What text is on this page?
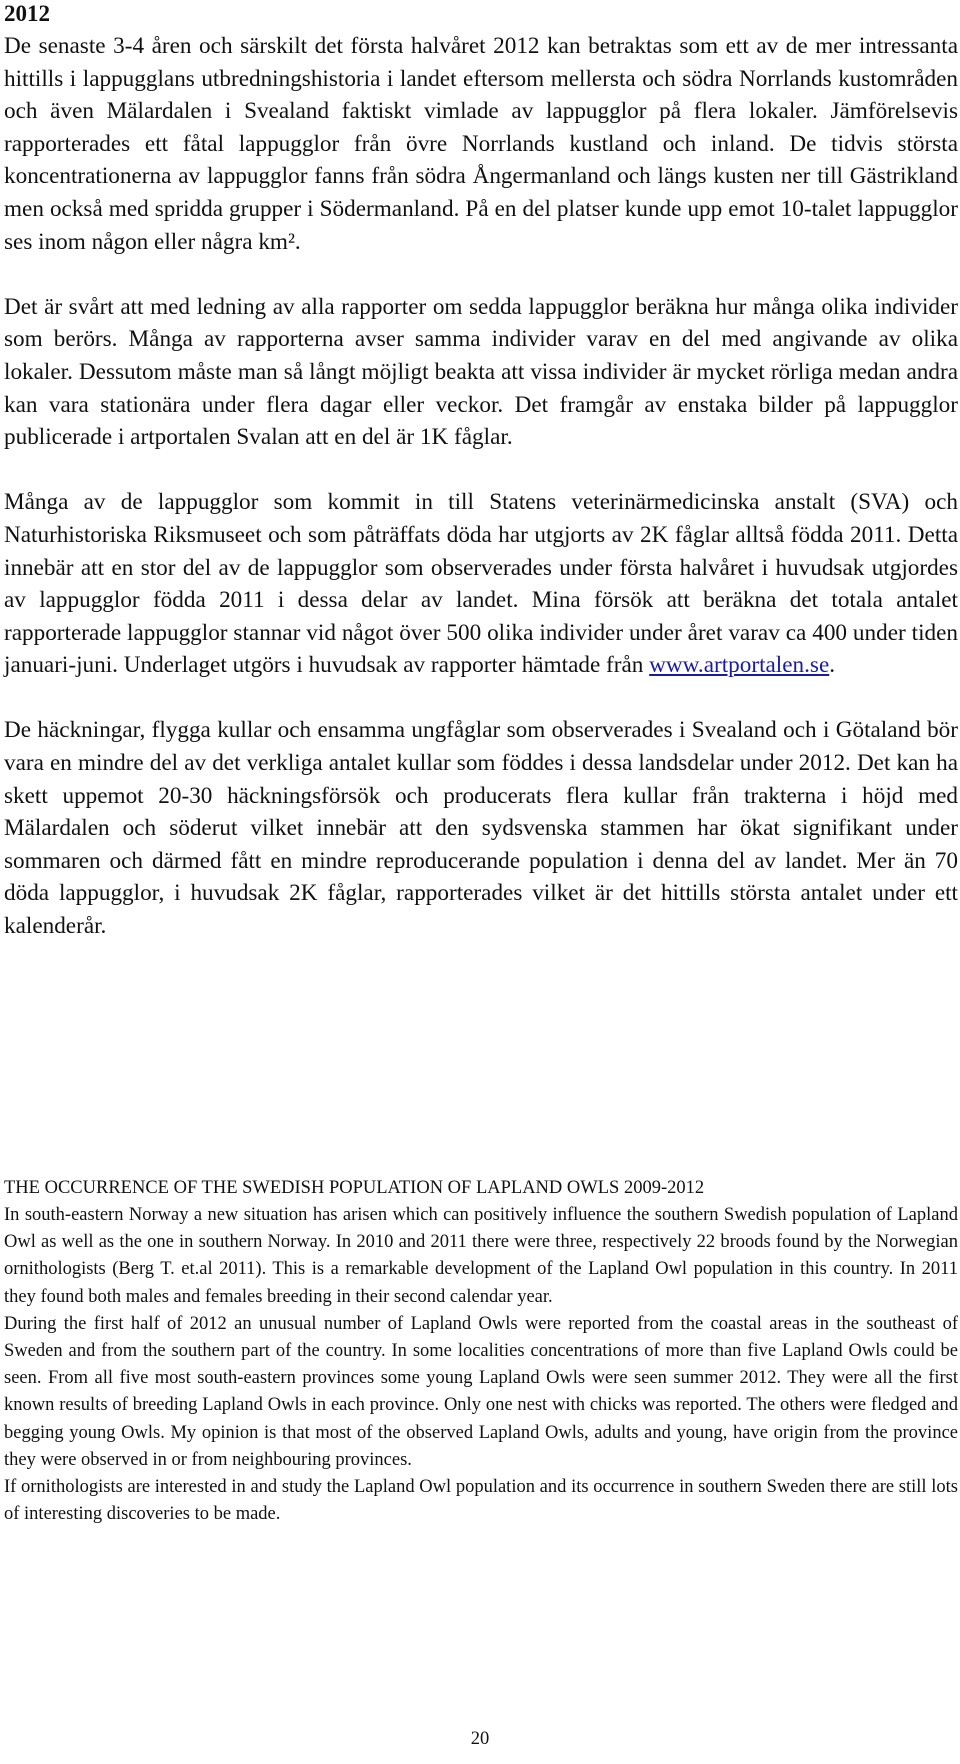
2012

De senaste 3-4 åren och särskilt det första halvåret 2012 kan betraktas som ett av de mer intressanta hittills i lappugglans utbredningshistoria i landet eftersom mellersta och södra Norrlands kustområden och även Mälardalen i Svealand faktiskt vimlade av lappugglor på flera lokaler. Jämförelsevis rapporterades ett fåtal lappugglor från övre Norrlands kustland och inland. De tidvis största koncentrationerna av lappugglor fanns från södra Ångermanland och längs kusten ner till Gästrikland men också med spridda grupper i Södermanland. På en del platser kunde upp emot 10-talet lappugglor ses inom någon eller några km².

Det är svårt att med ledning av alla rapporter om sedda lappugglor beräkna hur många olika individer som berörs. Många av rapporterna avser samma individer varav en del med angivande av olika lokaler. Dessutom måste man så långt möjligt beakta att vissa individer är mycket rörliga medan andra kan vara stationära under flera dagar eller veckor. Det framgår av enstaka bilder på lappugglor publicerade i artportalen Svalan att en del är 1K fåglar.

Många av de lappugglor som kommit in till Statens veterinärmedicinska anstalt (SVA) och Naturhistoriska Riksmuseet och som påträffats döda har utgjorts av 2K fåglar alltså födda 2011. Detta innebär att en stor del av de lappugglor som observerades under första halvåret i huvudsak utgjordes av lappugglor födda 2011 i dessa delar av landet. Mina försök att beräkna det totala antalet rapporterade lappugglor stannar vid något över 500 olika individer under året varav ca 400 under tiden januari-juni. Underlaget utgörs i huvudsak av rapporter hämtade från www.artportalen.se.

De häckningar, flygga kullar och ensamma ungfåglar som observerades i Svealand och i Götaland bör vara en mindre del av det verkliga antalet kullar som föddes i dessa landsdelar under 2012. Det kan ha skett uppemot 20-30 häckningsförsök och producerats flera kullar från trakterna i höjd med Mälardalen och söderut vilket innebär att den sydsvenska stammen har ökat signifikant under sommaren och därmed fått en mindre reproducerande population i denna del av landet. Mer än 70 döda lappugglor, i huvudsak 2K fåglar, rapporterades vilket är det hittills största antalet under ett kalenderår.

THE OCCURRENCE OF THE SWEDISH POPULATION OF LAPLAND OWLS 2009-2012

In south-eastern Norway a new situation has arisen which can positively influence the southern Swedish population of Lapland Owl as well as the one in southern Norway. In 2010 and 2011 there were three, respectively 22 broods found by the Norwegian ornithologists (Berg T. et.al 2011). This is a remarkable development of the Lapland Owl population in this country. In 2011 they found both males and females breeding in their second calendar year.

During the first half of 2012 an unusual number of Lapland Owls were reported from the coastal areas in the southeast of Sweden and from the southern part of the country. In some localities concentrations of more than five Lapland Owls could be seen. From all five most south-eastern provinces some young Lapland Owls were seen summer 2012. They were all the first known results of breeding Lapland Owls in each province. Only one nest with chicks was reported. The others were fledged and begging young Owls. My opinion is that most of the observed Lapland Owls, adults and young, have origin from the province they were observed in or from neighbouring provinces.

If ornithologists are interested in and study the Lapland Owl population and its occurrence in southern Sweden there are still lots of interesting discoveries to be made.

20
